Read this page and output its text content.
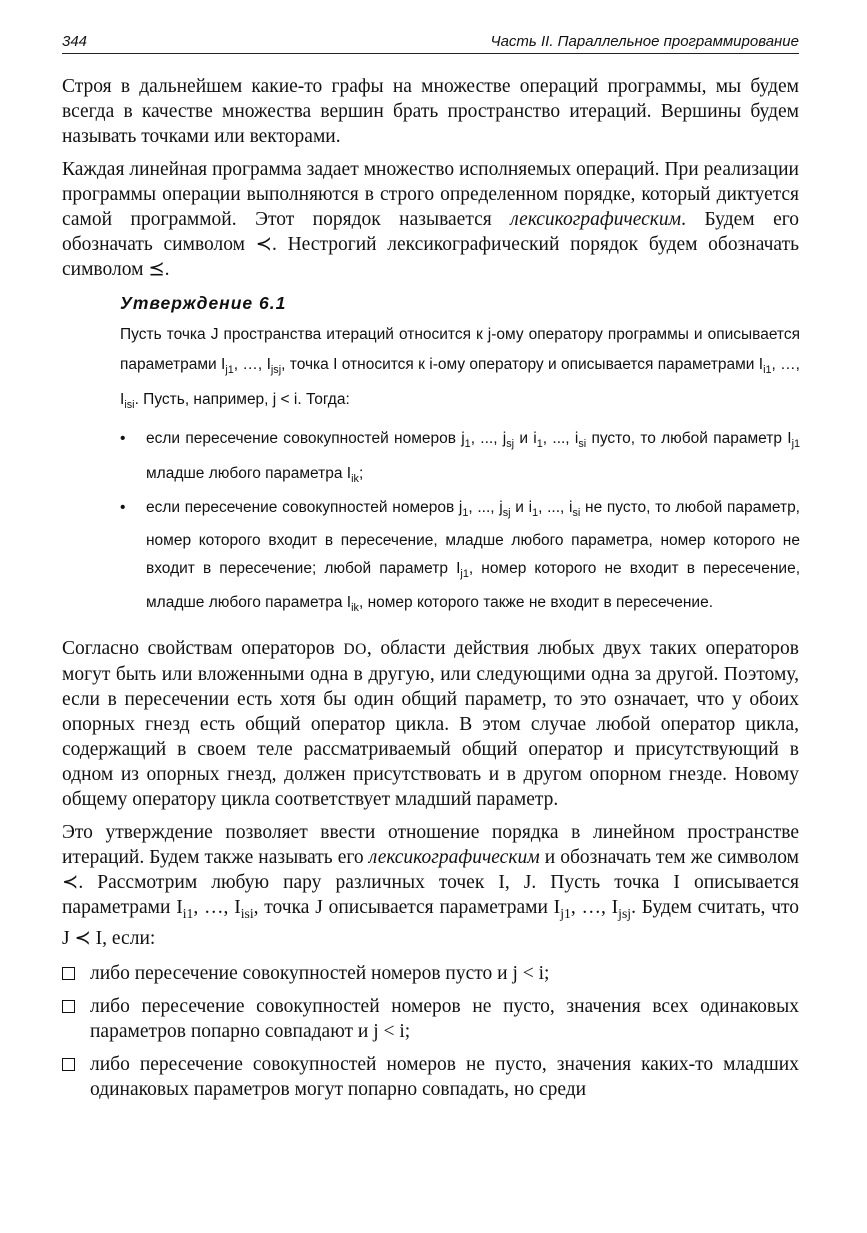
344	Часть II. Параллельное программирование

Строя в дальнейшем какие-то графы на множестве операций программы, мы будем всегда в качестве множества вершин брать пространство итераций. Вершины будем называть точками или векторами.

Каждая линейная программа задает множество исполняемых операций. При реализации программы операции выполняются в строго определенном порядке, который диктуется самой программой. Этот порядок называется лексикографическим. Будем его обозначать символом ≺. Нестрогий лексикографический порядок будем обозначать символом ⪯.

Утверждение 6.1

Пусть точка J пространства итераций относится к j-ому оператору программы и описывается параметрами $I_{j1}$, …, $I_{jsj}$, точка I относится к i-ому оператору и описывается параметрами $I_{i1}$, …, $I_{isi}$. Пусть, например, j < i. Тогда:

• если пересечение совокупностей номеров $j_1$, ..., $j_{sj}$ и $i_1$, ..., $i_{si}$ пусто, то любой параметр $I_{j1}$ младше любого параметра $I_{ik}$;
• если пересечение совокупностей номеров $j_1$, ..., $j_{sj}$ и $i_1$, ..., $i_{si}$ не пусто, то любой параметр, номер которого входит в пересечение, младше любого параметра, номер которого не входит в пересечение; любой параметр $I_{j1}$, номер которого не входит в пересечение, младше любого параметра $I_{ik}$, номер которого также не входит в пересечение.

Согласно свойствам операторов DO, области действия любых двух таких операторов могут быть или вложенными одна в другую, или следующими одна за другой. Поэтому, если в пересечении есть хотя бы один общий параметр, то это означает, что у обоих опорных гнезд есть общий оператор цикла. В этом случае любой оператор цикла, содержащий в своем теле рассматриваемый общий оператор и присутствующий в одном из опорных гнезд, должен присутствовать и в другом опорном гнезде. Новому общему оператору цикла соответствует младший параметр.

Это утверждение позволяет ввести отношение порядка в линейном пространстве итераций. Будем также называть его лексикографическим и обозначать тем же символом ≺. Рассмотрим любую пару различных точек I, J. Пусть точка I описывается параметрами $I_{i1}$, …, $I_{isi}$, точка J описывается параметрами $I_{j1}$, …, $I_{jsj}$. Будем считать, что J ≺ I, если:

либо пересечение совокупностей номеров пусто и j < i;
либо пересечение совокупностей номеров не пусто, значения всех одинаковых параметров попарно совпадают и j < i;
либо пересечение совокупностей номеров не пусто, значения каких-то младших одинаковых параметров могут попарно совпадать, но среди
